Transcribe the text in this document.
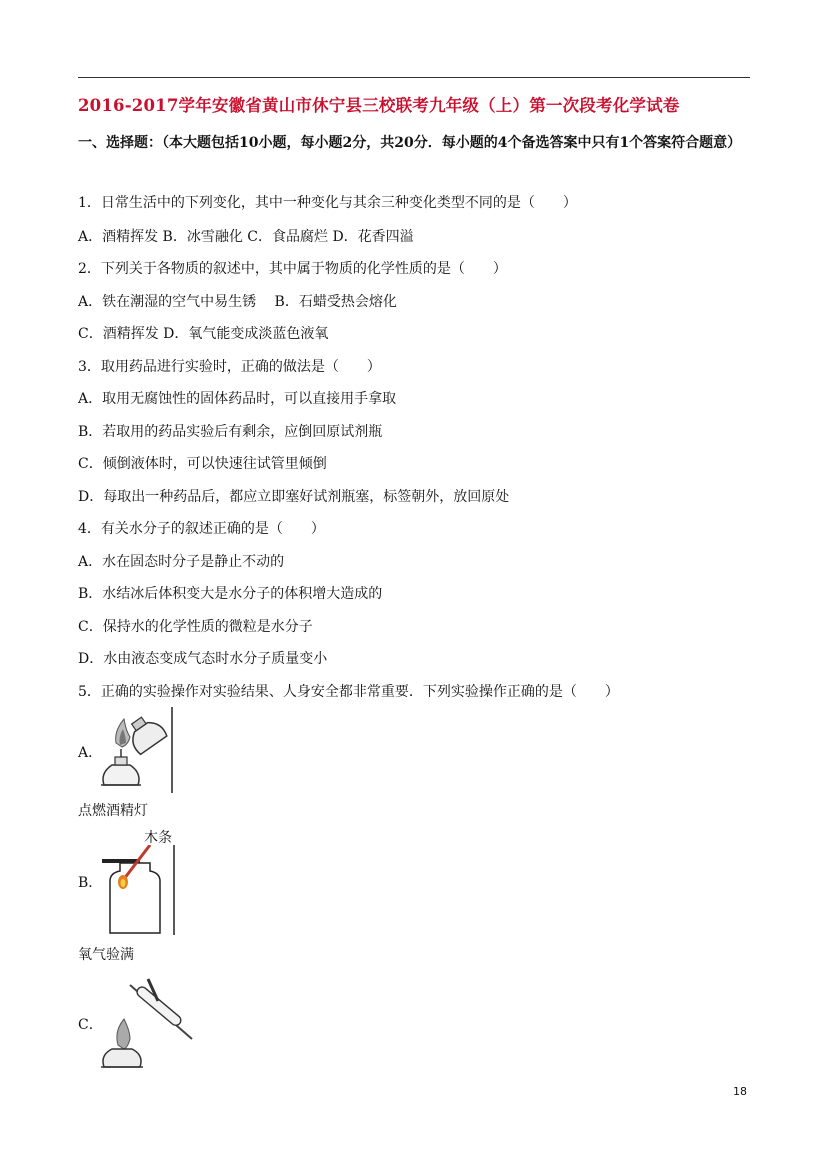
2016-2017学年安徽省黄山市休宁县三校联考九年级（上）第一次段考化学试卷
一、选择题：（本大题包括10小题，每小题2分，共20分．每小题的4个备选答案中只有1个答案符合题意）
1．日常生活中的下列变化，其中一种变化与其余三种变化类型不同的是（　　）
A．酒精挥发 B．冰雪融化 C．食品腐烂 D．花香四溢
2．下列关于各物质的叙述中，其中属于物质的化学性质的是（　　）
A．铁在潮湿的空气中易生锈　 B．石蜡受热会熔化
C．酒精挥发 D．氧气能变成淡蓝色液氧
3．取用药品进行实验时，正确的做法是（　　）
A．取用无腐蚀性的固体药品时，可以直接用手拿取
B．若取用的药品实验后有剩余，应倒回原试剂瓶
C．倾倒液体时，可以快速往试管里倾倒
D．每取出一种药品后，都应立即塞好试剂瓶塞，标签朝外，放回原处
4．有关水分子的叙述正确的是（　　）
A．水在固态时分子是静止不动的
B．水结冰后体积变大是水分子的体积增大造成的
C．保持水的化学性质的微粒是水分子
D．水由液态变成气态时水分子质量变小
5．正确的实验操作对实验结果、人身安全都非常重要．下列实验操作正确的是（　　）
A．
点燃酒精灯
B．
木条
氧气验满
C．
18
